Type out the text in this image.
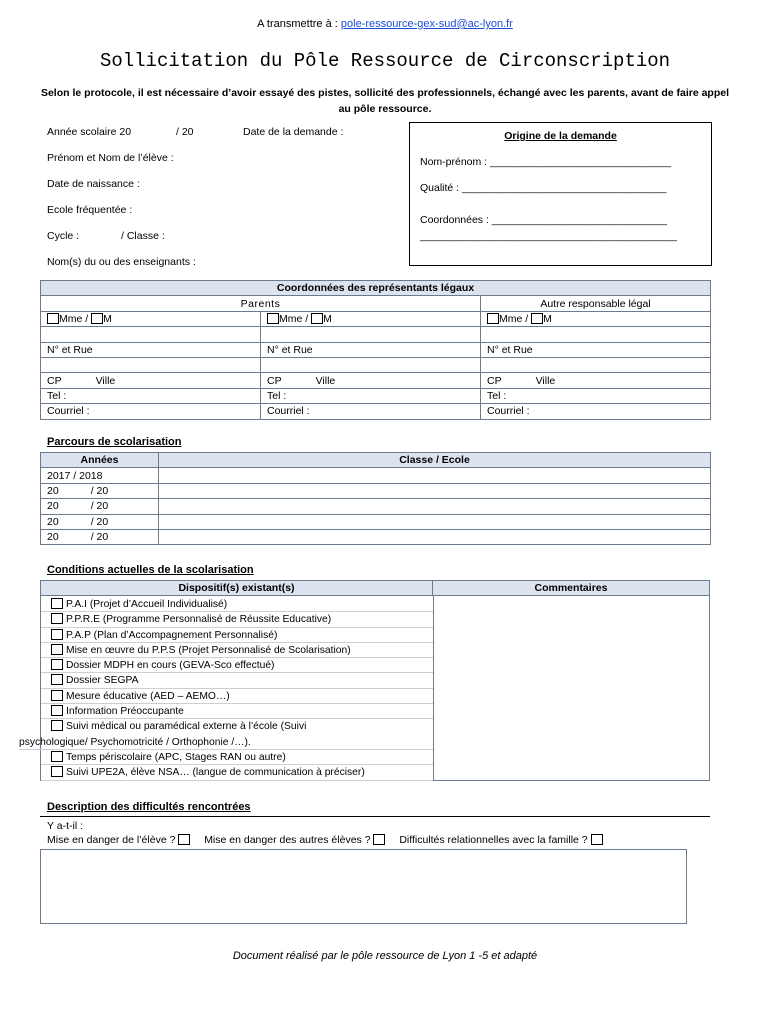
A transmettre à : pole-ressource-gex-sud@ac-lyon.fr
Sollicitation du Pôle Ressource de Circonscription
Selon le protocole, il est nécessaire d’avoir essayé des pistes, sollicité des professionnels, échangé avec les parents, avant de faire appel au pôle ressource.
Année scolaire 20	/ 20	Date de la demande :
Prénom et Nom de l’élève :
Date de naissance :
Ecole fréquentée :
Cycle :	/ Classe :
Nom(s) du ou des enseignants :
Origine de la demande
Nom-prénom : _______________________________
Qualité : ___________________________________
Coordonnées : ______________________________
____________________________________________
Coordonnées des représentants légaux		
Parents		Autre responsable légal
Mme / M	Mme / M	Mme / M

N° et Rue	N° et Rue	N° et Rue

CP Ville	CP Ville	CP Ville
Tel :	Tel :	Tel :
Courriel :	Courriel :	Courriel :
Parcours de scolarisation
Années	Classe / Ecole
2017 / 2018	
20 / 20	
20 / 20	
20 / 20	
20 / 20	
Conditions actuelles de la scolarisation
Dispositif(s) existant(s)	Commentaires
P.A.I (Projet d’Accueil Individualisé)
P.P.R.E (Programme Personnalisé de Réussite Educative)
P.A.P (Plan d’Accompagnement Personnalisé)
Mise en œuvre du P.P.S (Projet Personnalisé de Scolarisation)
Dossier MDPH en cours (GEVA-Sco effectué)
Dossier SEGPA
Mesure éducative (AED – AEMO…)
Information Préoccupante
Suivi médical ou paramédical externe à l’école (Suivi
psychologique/ Psychomotricité / Orthophonie /…).
Temps périscolaire (APC, Stages RAN ou autre)
Suivi UPE2A, élève NSA… (langue de communication à préciser)
Description des difficultés rencontrées
Y a-t-il :
Mise en danger de l’élève ?	Mise en danger des autres élèves ?	Difficultés relationnelles avec la famille ?
Document réalisé par le pôle ressource de Lyon 1 -5 et adapté
